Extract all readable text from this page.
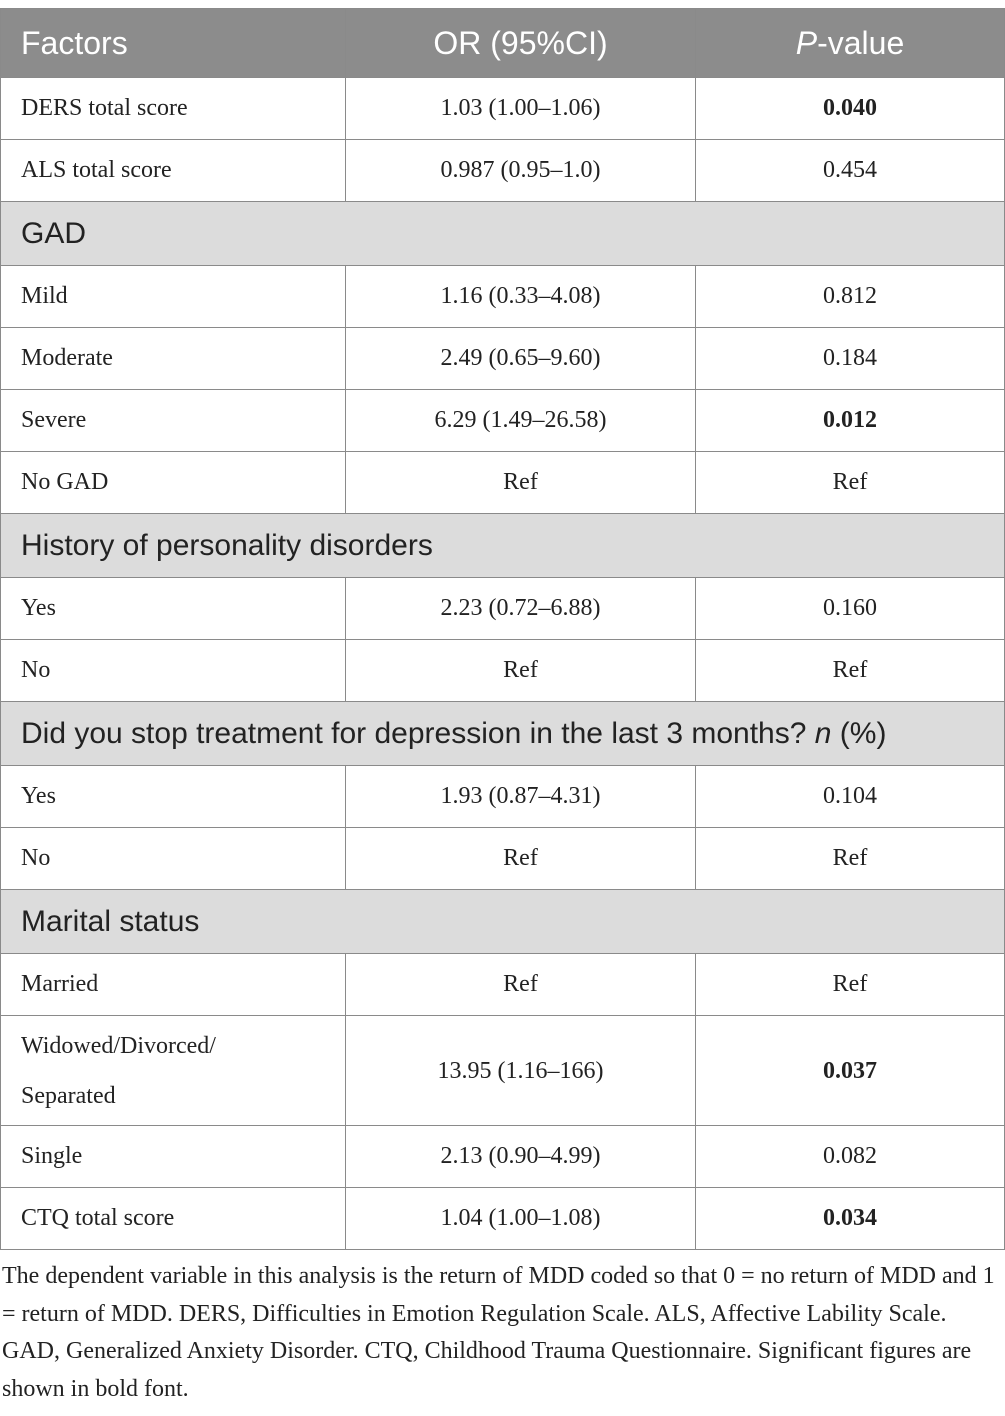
Factors	OR (95%CI)	P-value
DERS total score	1.03 (1.00–1.06)	0.040
ALS total score	0.987 (0.95–1.0)	0.454
GAD		
Mild	1.16 (0.33–4.08)	0.812
Moderate	2.49 (0.65–9.60)	0.184
Severe	6.29 (1.49–26.58)	0.012
No GAD	Ref	Ref
History of personality disorders		
Yes	2.23 (0.72–6.88)	0.160
No	Ref	Ref
Did you stop treatment for depression in the last 3 months? n (%)		
Yes	1.93 (0.87–4.31)	0.104
No	Ref	Ref
Marital status		
Married	Ref	Ref
Widowed/Divorced/
Separated	13.95 (1.16–166)	0.037
Single	2.13 (0.90–4.99)	0.082
CTQ total score	1.04 (1.00–1.08)	0.034
The dependent variable in this analysis is the return of MDD coded so that 0 = no return of MDD and 1 = return of MDD. DERS, Difficulties in Emotion Regulation Scale. ALS, Affective Lability Scale. GAD, Generalized Anxiety Disorder. CTQ, Childhood Trauma Questionnaire. Significant figures are shown in bold font.
